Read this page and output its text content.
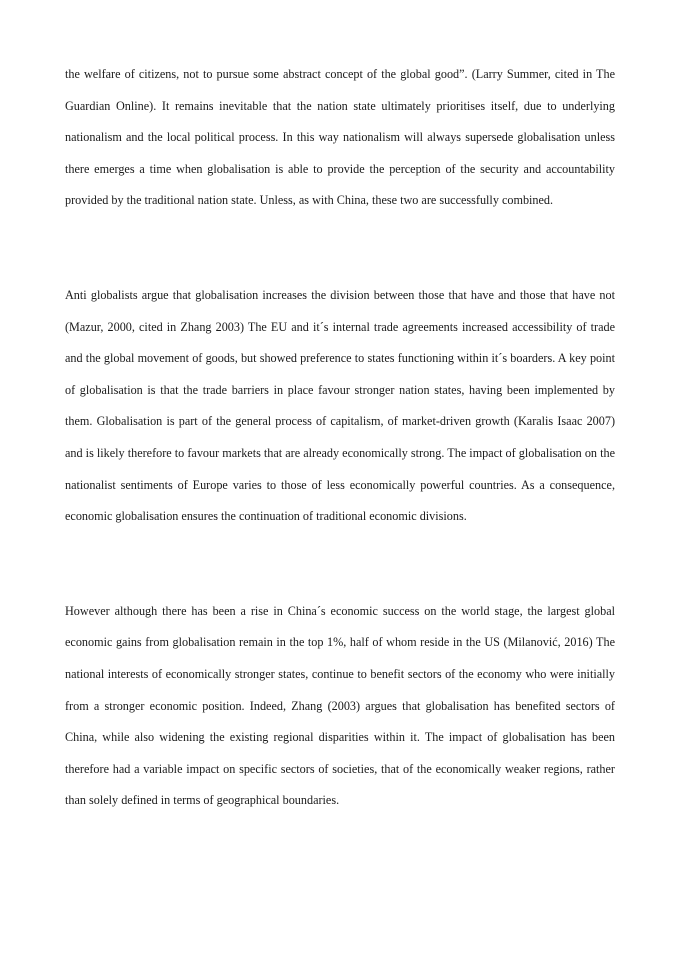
the welfare of citizens, not to pursue some abstract concept of the global good”. (Larry Summer, cited in The Guardian Online). It remains inevitable that the nation state ultimately prioritises itself, due to underlying nationalism and the local political process. In this way nationalism will always supersede globalisation unless there emerges a time when globalisation is able to provide the perception of the security and accountability provided by the traditional nation state. Unless, as with China, these two are successfully combined.

Anti globalists argue that globalisation increases the division between those that have and those that have not (Mazur, 2000, cited in Zhang 2003) The EU and it´s internal trade agreements increased accessibility of trade and the global movement of goods, but showed preference to states functioning within it´s boarders. A key point of globalisation is that the trade barriers in place favour stronger nation states, having been implemented by them. Globalisation is part of the general process of capitalism, of market-driven growth (Karalis Isaac 2007) and is likely therefore to favour markets that are already economically strong. The impact of globalisation on the nationalist sentiments of Europe varies to those of less economically powerful countries. As a consequence, economic globalisation ensures the continuation of traditional economic divisions.

However although there has been a rise in China´s economic success on the world stage, the largest global economic gains from globalisation remain in the top 1%, half of whom reside in the US (Milanović, 2016) The national interests of economically stronger states, continue to benefit sectors of the economy who were initially from a stronger economic position. Indeed, Zhang (2003) argues that globalisation has benefited sectors of China, while also widening the existing regional disparities within it. The impact of globalisation has been therefore had a variable impact on specific sectors of societies, that of the economically weaker regions, rather than solely defined in terms of geographical boundaries.
